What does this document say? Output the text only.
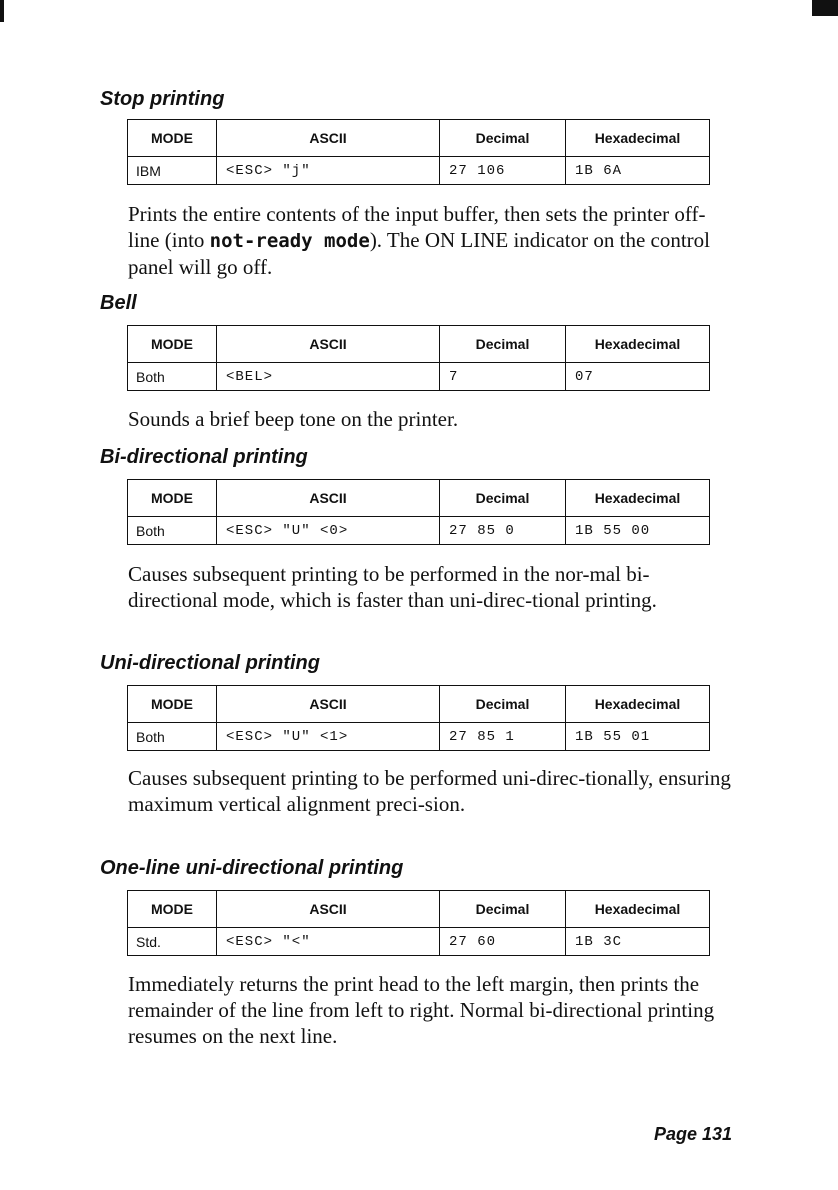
Stop printing
MODE	ASCII	Decimal	Hexadecimal
IBM	<ESC> "j"	27 106	1B 6A

Prints the entire contents of the input buffer, then sets the printer off-line (into not-ready mode). The ON LINE indicator on the control panel will go off.

Bell
MODE	ASCII	Decimal	Hexadecimal
Both	<BEL>	7	07

Sounds a brief beep tone on the printer.

Bi-directional printing
MODE	ASCII	Decimal	Hexadecimal
Both	<ESC> "U" <0>	27 85 0	1B 55 00

Causes subsequent printing to be performed in the nor-mal bi-directional mode, which is faster than uni-direc-tional printing.

Uni-directional printing
MODE	ASCII	Decimal	Hexadecimal
Both	<ESC> "U" <1>	27 85 1	1B 55 01

Causes subsequent printing to be performed uni-direc-tionally, ensuring maximum vertical alignment preci-sion.

One-line uni-directional printing
MODE	ASCII	Decimal	Hexadecimal
Std.	<ESC> "<"	27 60	1B 3C

Immediately returns the print head to the left margin, then prints the remainder of the line from left to right. Normal bi-directional printing resumes on the next line.

Page 131
